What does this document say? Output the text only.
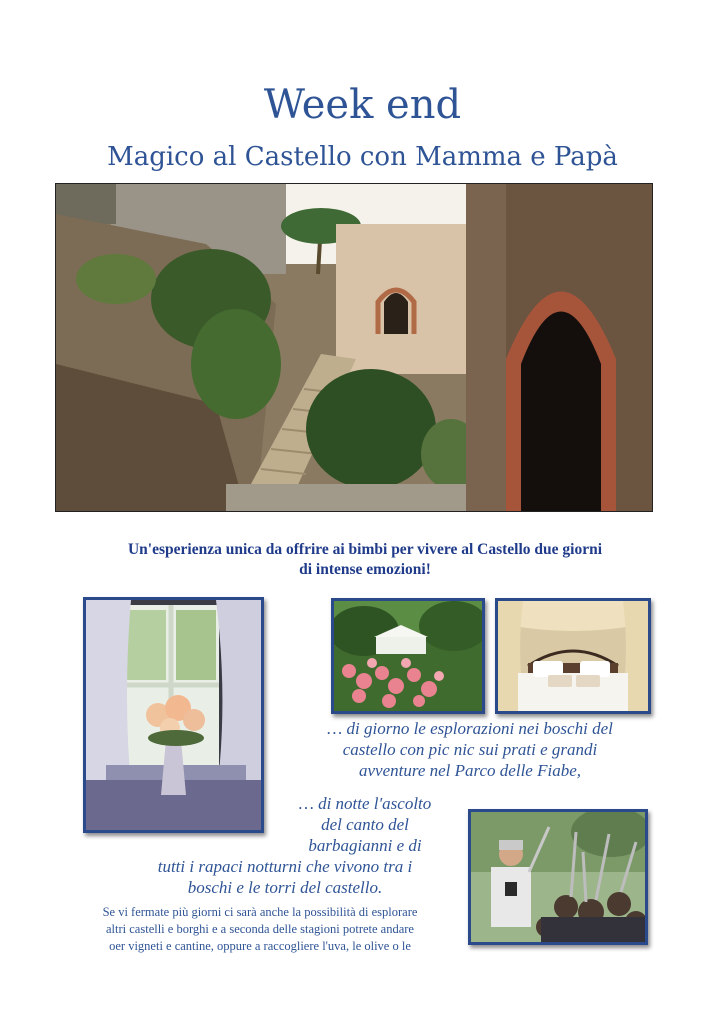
Week end
Magico al Castello con Mamma e Papà
Un'esperienza unica da offrire ai bimbi per vivere al Castello due giorni
di intense emozioni!
… di giorno le esplorazioni nei boschi del
castello con pic nic sui prati e grandi
avventure nel Parco delle Fiabe,
… di notte l'ascolto
del canto del
barbagianni e di
tutti i rapaci notturni che vivono tra i
boschi e le torri del castello.
Se vi fermate più giorni ci sarà anche la possibilità di esplorare
altri castelli e borghi e a seconda delle stagioni potrete andare
oer vigneti e cantine, oppure a raccogliere l'uva, le olive o le
